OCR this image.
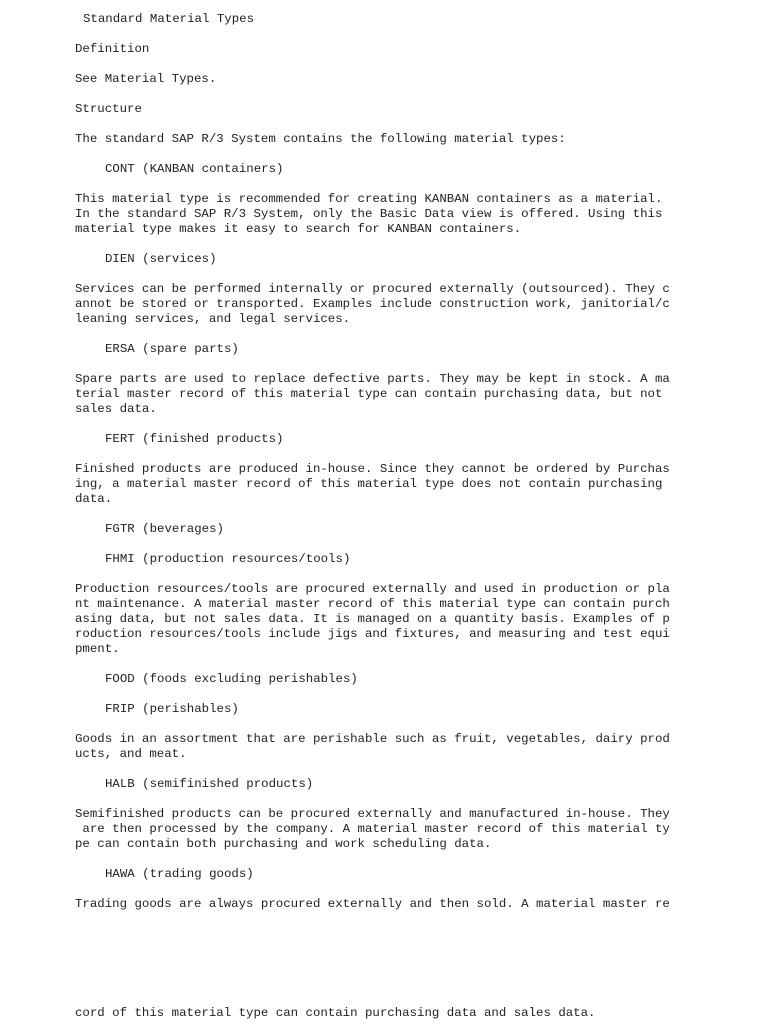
Standard Material Types
Definition
See Material Types.
Structure
The standard SAP R/3 System contains the following material types:
CONT (KANBAN containers)
This material type is recommended for creating KANBAN containers as a material.
In the standard SAP R/3 System, only the Basic Data view is offered. Using this
material type makes it easy to search for KANBAN containers.
DIEN (services)
Services can be performed internally or procured externally (outsourced). They c
annot be stored or transported. Examples include construction work, janitorial/c
leaning services, and legal services.
ERSA (spare parts)
Spare parts are used to replace defective parts. They may be kept in stock. A ma
terial master record of this material type can contain purchasing data, but not
sales data.
FERT (finished products)
Finished products are produced in-house. Since they cannot be ordered by Purchas
ing, a material master record of this material type does not contain purchasing
data.
FGTR (beverages)
FHMI (production resources/tools)
Production resources/tools are procured externally and used in production or pla
nt maintenance. A material master record of this material type can contain purch
asing data, but not sales data. It is managed on a quantity basis. Examples of p
roduction resources/tools include jigs and fixtures, and measuring and test equi
pment.
FOOD (foods excluding perishables)
FRIP (perishables)
Goods in an assortment that are perishable such as fruit, vegetables, dairy prod
ucts, and meat.
HALB (semifinished products)
Semifinished products can be procured externally and manufactured in-house. They
are then processed by the company. A material master record of this material ty
pe can contain both purchasing and work scheduling data.
HAWA (trading goods)
Trading goods are always procured externally and then sold. A material master re
cord of this material type can contain purchasing data and sales data.
